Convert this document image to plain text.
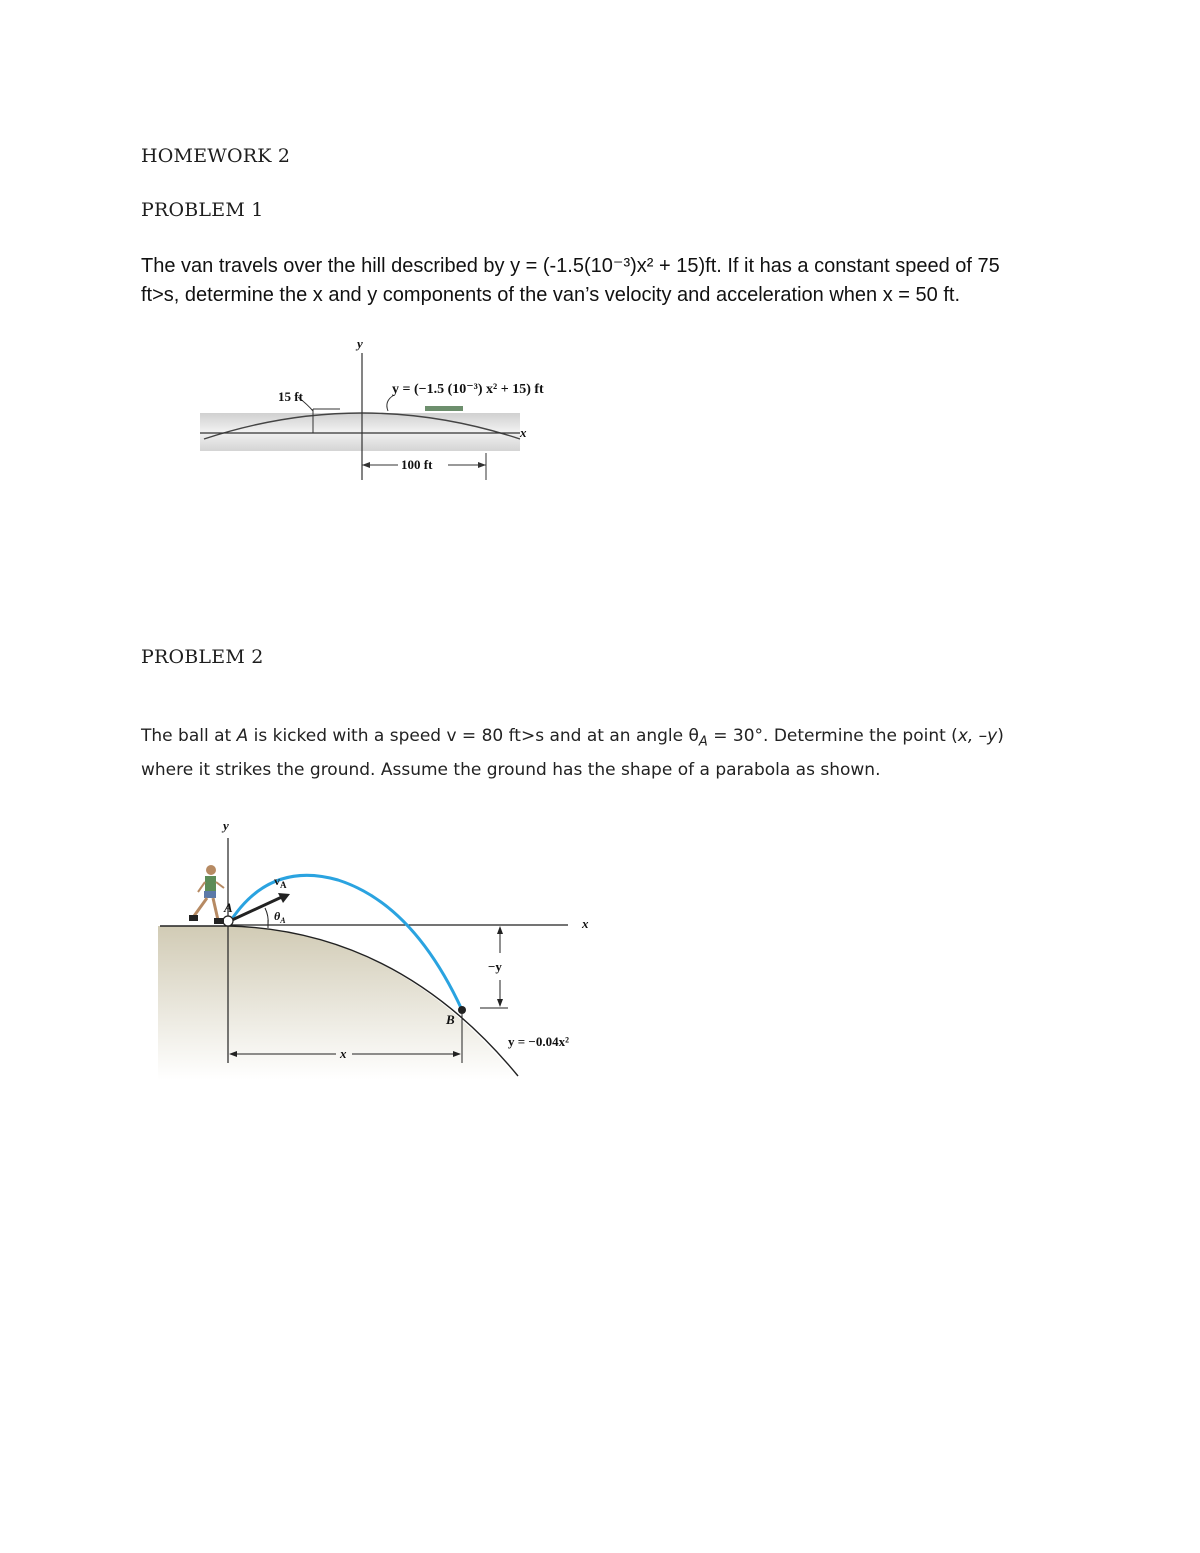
HOMEWORK 2
PROBLEM 1
The van travels over the hill described by y = (-1.5(10⁻³)x² + 15)ft. If it has a constant speed of 75
ft>s, determine the x and y components of the van’s velocity and acceleration when x = 50 ft.
y
x
15 ft	y = (−1.5 (10⁻³) x² + 15) ft
100 ft
PROBLEM 2
The ball at A is kicked with a speed v = 80 ft>s and at an angle $\theta_A = 30^\circ$. Determine the point (x, –y)
where it strikes the ground. Assume the ground has the shape of a parabola as shown.
y
x
$v_A$
$\theta_A$
A
B
−y
x
y = −0.04x²
